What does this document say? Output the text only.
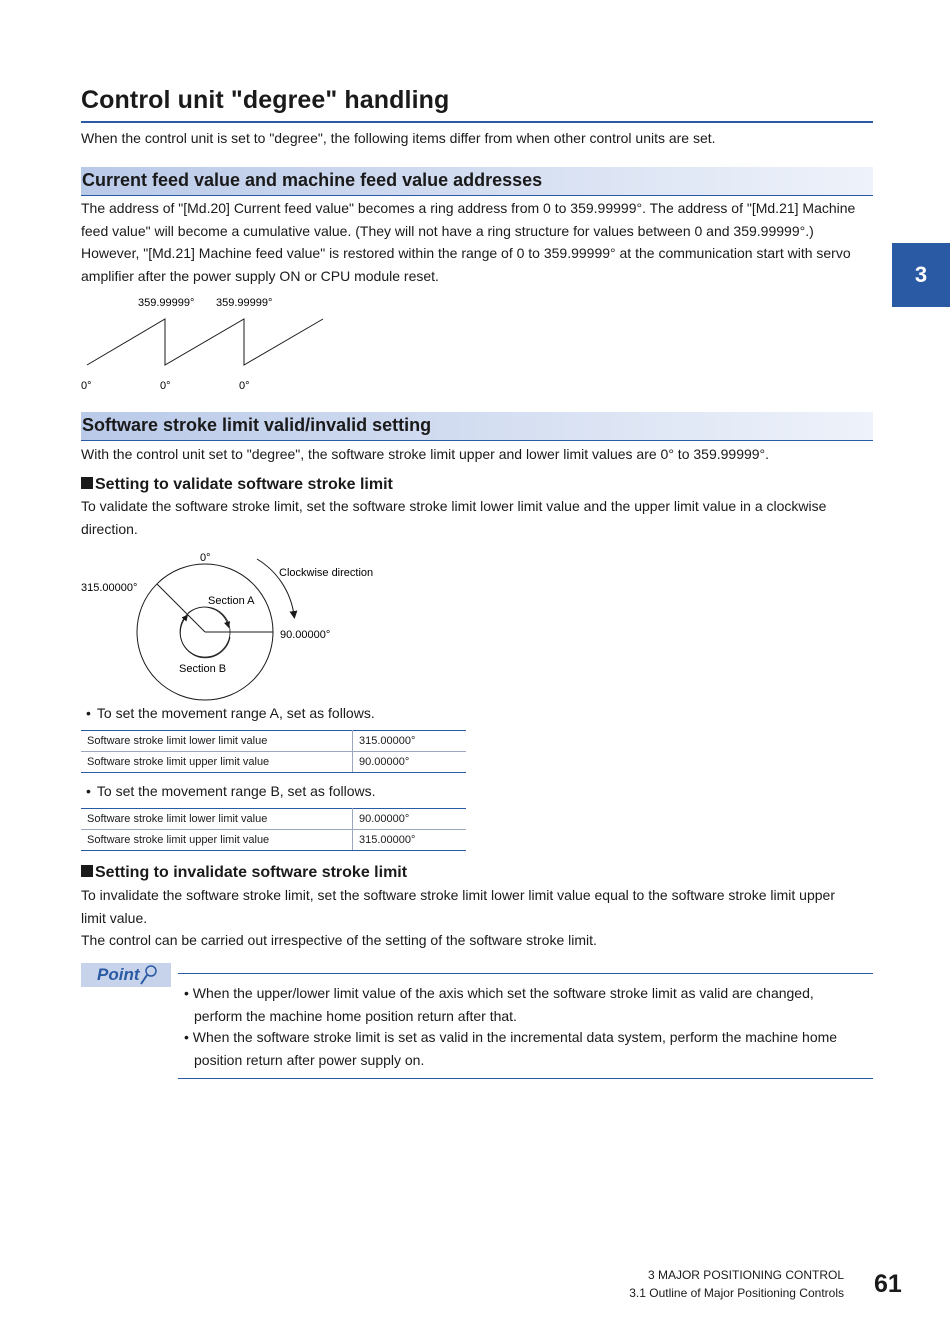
Control unit "degree" handling
When the control unit is set to "degree", the following items differ from when other control units are set.
3
Current feed value and machine feed value addresses
The address of "[Md.20] Current feed value" becomes a ring address from 0 to 359.99999°. The address of "[Md.21] Machine
feed value" will become a cumulative value. (They will not have a ring structure for values between 0 and 359.99999°.)
However, "[Md.21] Machine feed value" is restored within the range of 0 to 359.99999° at the communication start with servo
amplifier after the power supply ON or CPU module reset.
359.99999° 359.99999°
0°	0°	0°
Software stroke limit valid/invalid setting
With the control unit set to "degree", the software stroke limit upper and lower limit values are 0° to 359.99999°.
Setting to validate software stroke limit
To validate the software stroke limit, set the software stroke limit lower limit value and the upper limit value in a clockwise
direction.
0°
Clockwise direction
315.00000°
90.00000°
Section A
Section B
• To set the movement range A, set as follows.
Software stroke limit lower limit value	315.00000°
Software stroke limit upper limit value	90.00000°
• To set the movement range B, set as follows.
Software stroke limit lower limit value	90.00000°
Software stroke limit upper limit value	315.00000°
Setting to invalidate software stroke limit
To invalidate the software stroke limit, set the software stroke limit lower limit value equal to the software stroke limit upper
limit value.
The control can be carried out irrespective of the setting of the software stroke limit.
Point
• When the upper/lower limit value of the axis which set the software stroke limit as valid are changed,
perform the machine home position return after that.
• When the software stroke limit is set as valid in the incremental data system, perform the machine home
position return after power supply on.
3 MAJOR POSITIONING CONTROL
3.1 Outline of Major Positioning Controls 61
